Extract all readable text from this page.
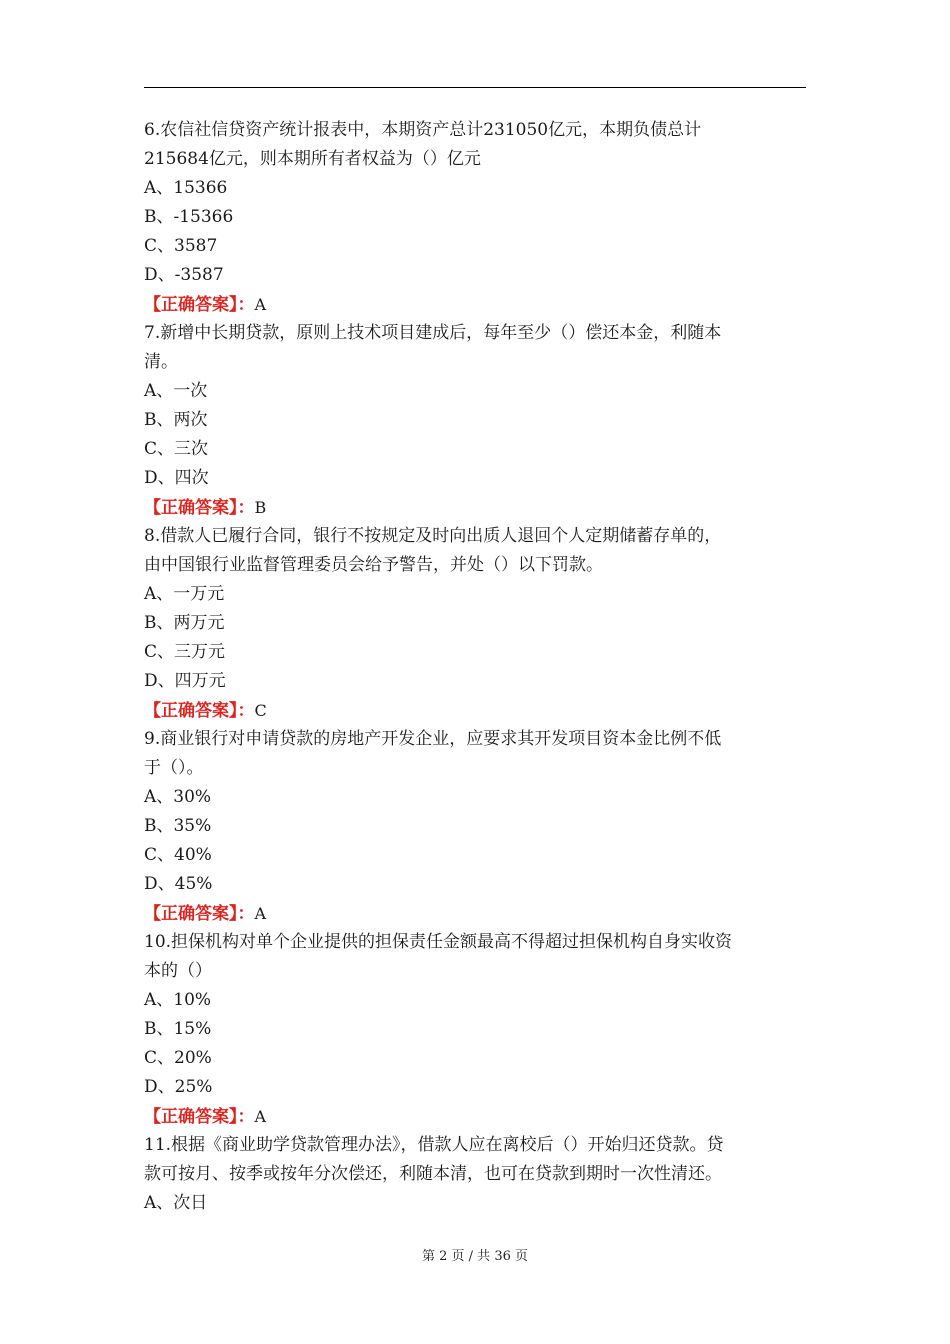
6.农信社信贷资产统计报表中，本期资产总计231050亿元，本期负债总计
215684亿元，则本期所有者权益为（）亿元
A、15366
B、-15366
C、3587
D、-3587
【正确答案】：A
7.新增中长期贷款，原则上技术项目建成后，每年至少（）偿还本金，利随本
清。
A、一次
B、两次
C、三次
D、四次
【正确答案】：B
8.借款人已履行合同，银行不按规定及时向出质人退回个人定期储蓄存单的，
由中国银行业监督管理委员会给予警告，并处（）以下罚款。
A、一万元
B、两万元
C、三万元
D、四万元
【正确答案】：C
9.商业银行对申请贷款的房地产开发企业，应要求其开发项目资本金比例不低
于（）。
A、30%
B、35%
C、40%
D、45%
【正确答案】：A
10.担保机构对单个企业提供的担保责任金额最高不得超过担保机构自身实收资
本的（）
A、10%
B、15%
C、20%
D、25%
【正确答案】：A
11.根据《商业助学贷款管理办法》，借款人应在离校后（）开始归还贷款。贷
款可按月、按季或按年分次偿还，利随本清，也可在贷款到期时一次性清还。
A、次日
第 2 页 / 共 36 页
